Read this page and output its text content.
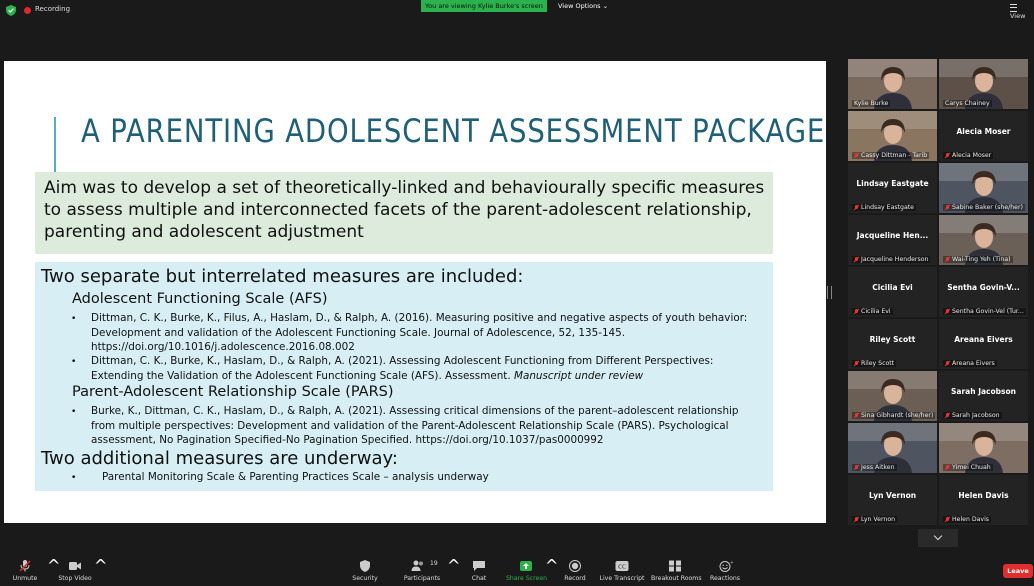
Recording	You are viewing Kylie Burke's screen	View Options ⌄
View
A PARENTING ADOLESCENT ASSESSMENT PACKAGE
Aim was to develop a set of theoretically-linked and behaviourally specific measures to assess multiple and interconnected facets of the parent-adolescent relationship, parenting and adolescent adjustment
Two separate but interrelated measures are included:
Adolescent Functioning Scale (AFS)
• Dittman, C. K., Burke, K., Filus, A., Haslam, D., & Ralph, A. (2016). Measuring positive and negative aspects of youth behavior: Development and validation of the Adolescent Functioning Scale. Journal of Adolescence, 52, 135-145. https://doi.org/10.1016/j.adolescence.2016.08.002
• Dittman, C. K., Burke, K., Haslam, D., & Ralph, A. (2021). Assessing Adolescent Functioning from Different Perspectives: Extending the Validation of the Adolescent Functioning Scale (AFS). Assessment. Manuscript under review
Parent-Adolescent Relationship Scale (PARS)
• Burke, K., Dittman, C. K., Haslam, D., & Ralph, A. (2021). Assessing critical dimensions of the parent–adolescent relationship from multiple perspectives: Development and validation of the Parent-Adolescent Relationship Scale (PARS). Psychological assessment, No Pagination Specified-No Pagination Specified. https://doi.org/10.1037/pas0000992
Two additional measures are underway:
• Parental Monitoring Scale & Parenting Practices Scale – analysis underway
Kylie Burke	Carys Chainey
Cassy Dittman - Tarib
Alecia Moser
Alecia Moser
Lindsay Eastgate
Lindsay Eastgate	Sabine Baker (she/her)
Jacqueline Hen...
Jacqueline Henderson	Wai-Ting Yeh (Tina)
Cicilia Evi
Cicilia Evi
Sentha Govin-V...
Sentha Govin-Vel (Tur...
Riley Scott
Riley Scott
Areana Eivers
Areana Eivers
Sina Gibhardt (she/her)
Sarah Jacobson
Sarah Jacobson
Jess Aitken	Yimei Chuah
Lyn Vernon
Lyn Vernon
Helen Davis
Helen Davis
Unmute
^
Stop Video
^
Security
19
Participants
^
Chat	Share Screen
^
Record
CC
Live Transcript Breakout Rooms
+
Reactions
Leave
